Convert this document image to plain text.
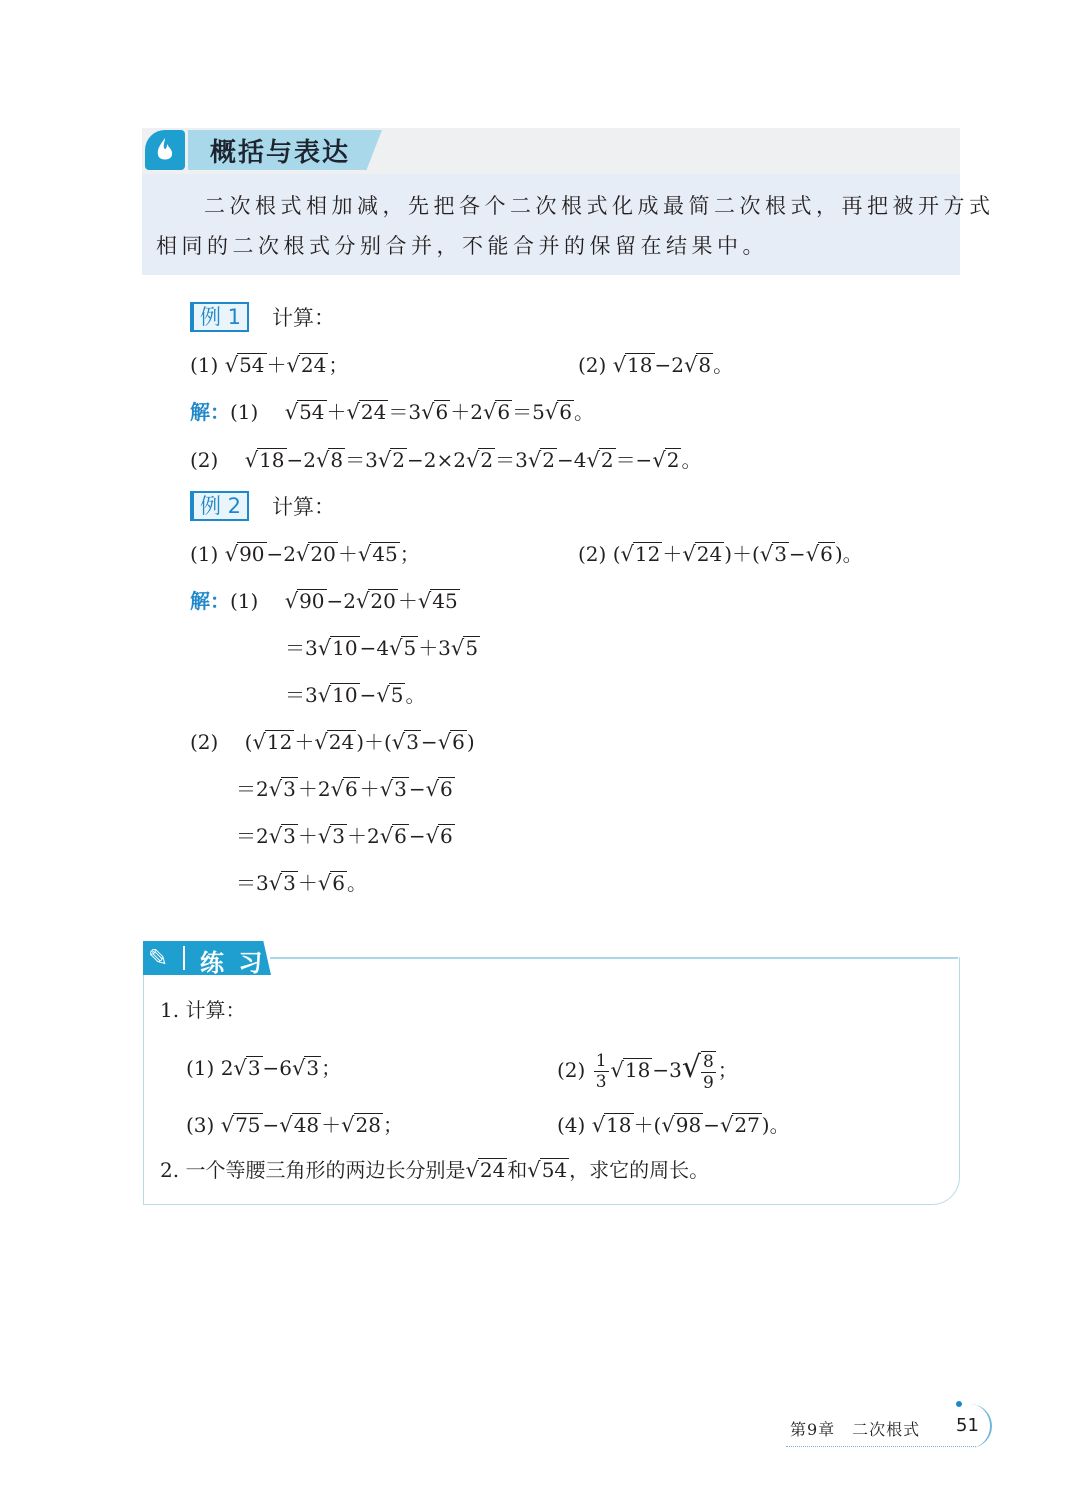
概括与表达
二次根式相加减，先把各个二次根式化成最简二次根式，再把被开方式
相同的二次根式分别合并，不能合并的保留在结果中。
例 1	计算：
(1) √54 ＋√24 ；	(2) √18 −2√8 。
解：(1)　 √54 ＋√24 ＝3√6 ＋2√6 ＝5√6 。
(2)　 √18 −2√8 ＝3√2 −2×2√2 ＝3√2 −4√2 ＝−√2 。
例 2	计算：
(1) √90 −2√20 ＋√45 ；	(2) (√12 ＋√24 )＋(√3 −√6 )。
解：(1)　 √90 −2√20 ＋√45
＝3√10 −4√5 ＋3√5
＝3√10 −√5 。
(2)　 (√12 ＋√24 )＋(√3 −√6 )
＝2√3 ＋2√6 ＋√3 −√6
＝2√3 ＋√3 ＋2√6 −√6
＝3√3 ＋√6 。
✎ 练 习
1. 计算：
(1) 2√3 −6√3 ；	$(2) \frac{1}{3} √18 -3√ \frac{8}{9}$ ；
(3) √75 −√48 ＋√28 ；	(4) √18 ＋(√98 −√27 )。
2. 一个等腰三角形的两边长分别是√24 和√54 ，求它的周长。
第9章　二次根式 51
